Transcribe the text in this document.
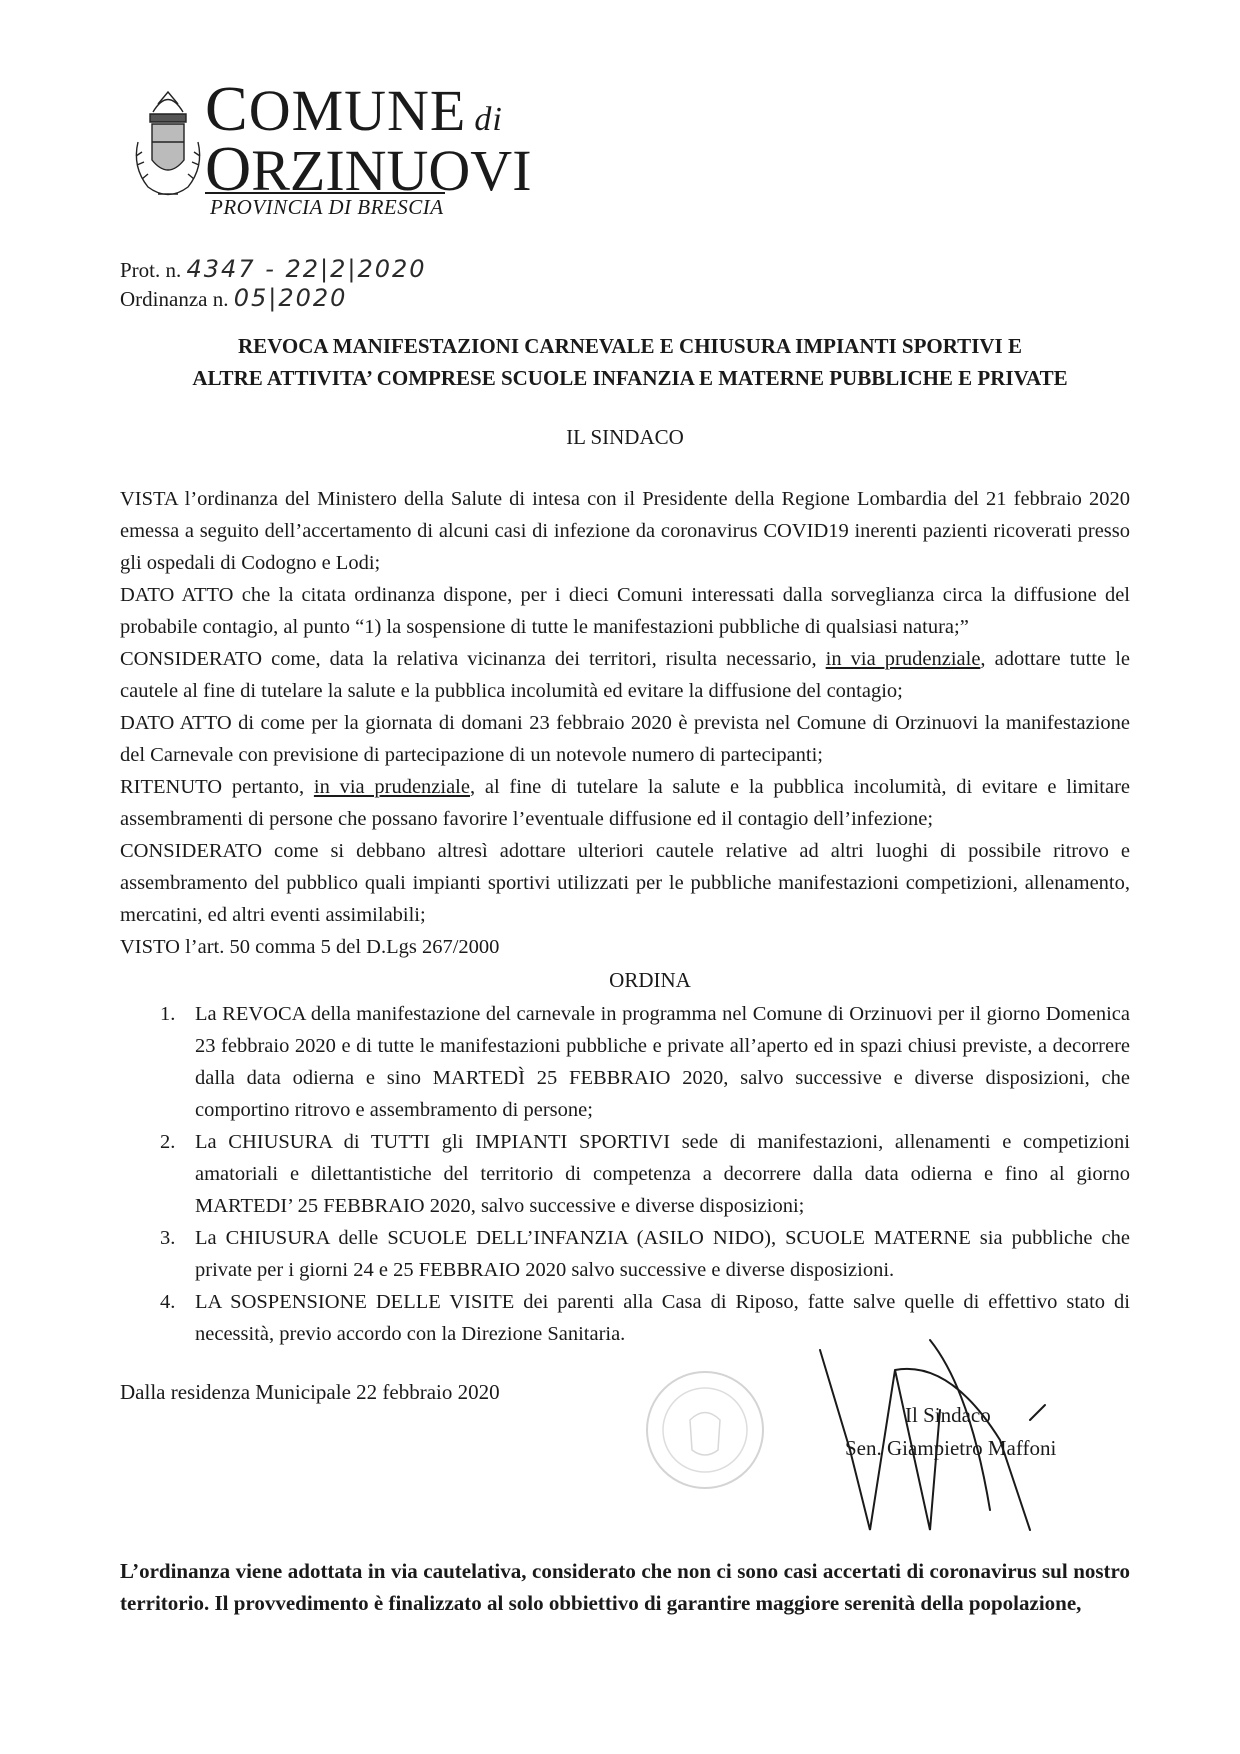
COMUNE di
ORZINUOVI
PROVINCIA DI BRESCIA
Prot. n. 4347 - 22|2|2020
Ordinanza n. 05|2020
REVOCA MANIFESTAZIONI CARNEVALE E CHIUSURA IMPIANTI SPORTIVI E
ALTRE ATTIVITA’ COMPRESE SCUOLE INFANZIA E MATERNE PUBBLICHE E PRIVATE
IL SINDACO

VISTA l’ordinanza del Ministero della Salute di intesa con il Presidente della Regione Lombardia del 21 febbraio 2020 emessa a seguito dell’accertamento di alcuni casi di infezione da coronavirus COVID19 inerenti pazienti ricoverati presso gli ospedali di Codogno e Lodi;

DATO ATTO che la citata ordinanza dispone, per i dieci Comuni interessati dalla sorveglianza circa la diffusione del probabile contagio, al punto “1) la sospensione di tutte le manifestazioni pubbliche di qualsiasi natura;”

CONSIDERATO come, data la relativa vicinanza dei territori, risulta necessario, in via prudenziale, adottare tutte le cautele al fine di tutelare la salute e la pubblica incolumità ed evitare la diffusione del contagio;

DATO ATTO di come per la giornata di domani 23 febbraio 2020 è prevista nel Comune di Orzinuovi la manifestazione del Carnevale con previsione di partecipazione di un notevole numero di partecipanti;

RITENUTO pertanto, in via prudenziale, al fine di tutelare la salute e la pubblica incolumità, di evitare e limitare assembramenti di persone che possano favorire l’eventuale diffusione ed il contagio dell’infezione;

CONSIDERATO come si debbano altresì adottare ulteriori cautele relative ad altri luoghi di possibile ritrovo e assembramento del pubblico quali impianti sportivi utilizzati per le pubbliche manifestazioni competizioni, allenamento, mercatini, ed altri eventi assimilabili;

VISTO l’art. 50 comma 5 del D.Lgs 267/2000

ORDINA
1. La REVOCA della manifestazione del carnevale in programma nel Comune di Orzinuovi per il giorno Domenica 23 febbraio 2020 e di tutte le manifestazioni pubbliche e private all’aperto ed in spazi chiusi previste, a decorrere dalla data odierna e sino MARTEDÌ 25 FEBBRAIO 2020, salvo successive e diverse disposizioni, che comportino ritrovo e assembramento di persone;
2. La CHIUSURA di TUTTI gli IMPIANTI SPORTIVI sede di manifestazioni, allenamenti e competizioni amatoriali e dilettantistiche del territorio di competenza a decorrere dalla data odierna e fino al giorno MARTEDI’ 25 FEBBRAIO 2020, salvo successive e diverse disposizioni;
3. La CHIUSURA delle SCUOLE DELL’INFANZIA (ASILO NIDO), SCUOLE MATERNE sia pubbliche che private per i giorni 24 e 25 FEBBRAIO 2020 salvo successive e diverse disposizioni.
4. LA SOSPENSIONE DELLE VISITE dei parenti alla Casa di Riposo, fatte salve quelle di effettivo stato di necessità, previo accordo con la Direzione Sanitaria.
Dalla residenza Municipale 22 febbraio 2020
Il Sindaco
Sen. Giampietro Maffoni
L’ordinanza viene adottata in via cautelativa, considerato che non ci sono casi accertati di coronavirus sul nostro territorio. Il provvedimento è finalizzato al solo obbiettivo di garantire maggiore serenità della popolazione,
